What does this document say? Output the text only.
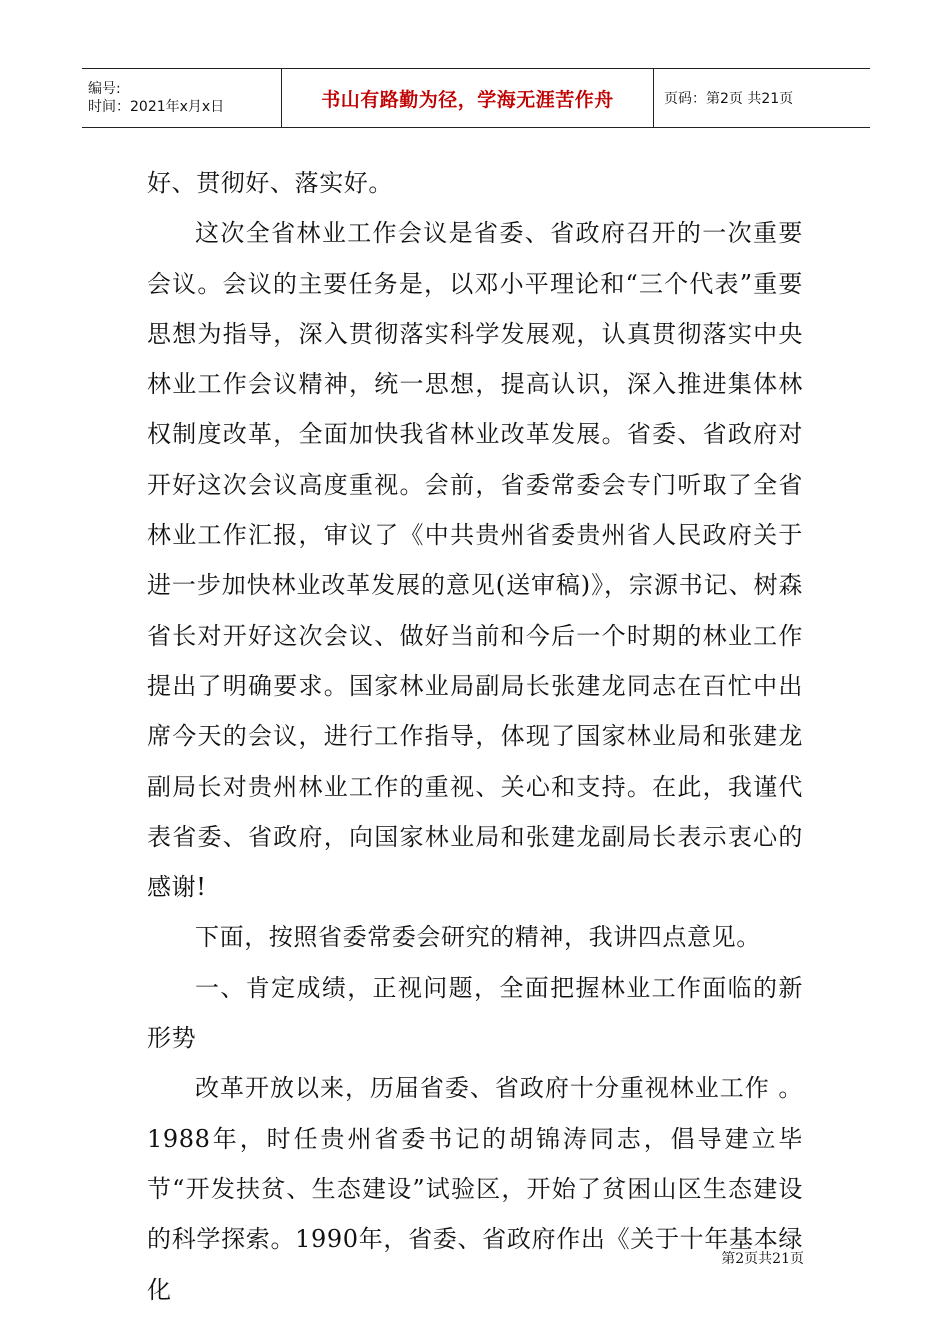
编号:
时间：2021年x月x日	书山有路勤为径，学海无涯苦作舟	页码：第2页 共21页

好、贯彻好、落实好。

这次全省林业工作会议是省委、省政府召开的一次重要会议。会议的主要任务是，以邓小平理论和“三个代表”重要思想为指导，深入贯彻落实科学发展观，认真贯彻落实中央林业工作会议精神，统一思想，提高认识，深入推进集体林权制度改革，全面加快我省林业改革发展。省委、省政府对开好这次会议高度重视。会前，省委常委会专门听取了全省林业工作汇报，审议了《中共贵州省委贵州省人民政府关于进一步加快林业改革发展的意见(送审稿)》，宗源书记、树森省长对开好这次会议、做好当前和今后一个时期的林业工作提出了明确要求。国家林业局副局长张建龙同志在百忙中出席今天的会议，进行工作指导，体现了国家林业局和张建龙副局长对贵州林业工作的重视、关心和支持。在此，我谨代表省委、省政府，向国家林业局和张建龙副局长表示衷心的感谢!

下面，按照省委常委会研究的精神，我讲四点意见。

一、肯定成绩，正视问题，全面把握林业工作面临的新形势

改革开放以来，历届省委、省政府十分重视林业工作 。1988年，时任贵州省委书记的胡锦涛同志，倡导建立毕节“开发扶贫、生态建设”试验区，开始了贫困山区生态建设的科学探索。1990年，省委、省政府作出《关于十年基本绿化

第2页共21页
